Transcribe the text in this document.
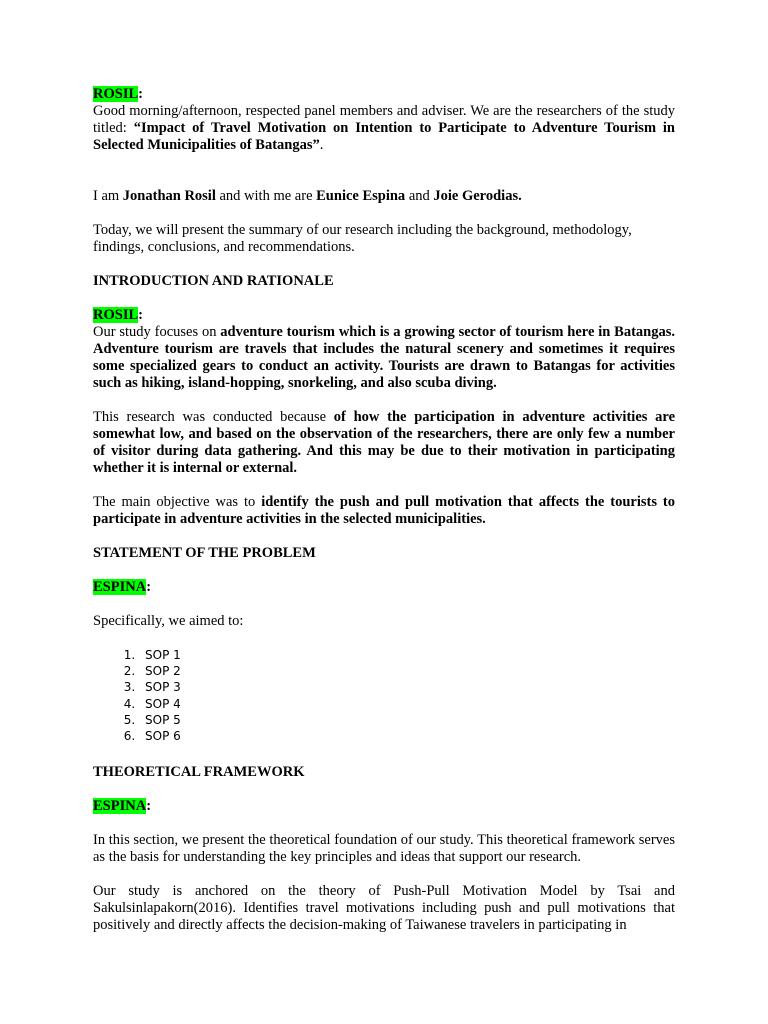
ROSIL:

Good morning/afternoon, respected panel members and adviser. We are the researchers of the study titled: “Impact of Travel Motivation on Intention to Participate to Adventure Tourism in Selected Municipalities of Batangas”.

I am Jonathan Rosil and with me are Eunice Espina and Joie Gerodias.

Today, we will present the summary of our research including the background, methodology, findings, conclusions, and recommendations.

INTRODUCTION AND RATIONALE

ROSIL:

Our study focuses on adventure tourism which is a growing sector of tourism here in Batangas. Adventure tourism are travels that includes the natural scenery and sometimes it requires some specialized gears to conduct an activity. Tourists are drawn to Batangas for activities such as hiking, island-hopping, snorkeling, and also scuba diving.

This research was conducted because of how the participation in adventure activities are somewhat low, and based on the observation of the researchers, there are only few a number of visitor during data gathering. And this may be due to their motivation in participating whether it is internal or external.

The main objective was to identify the push and pull motivation that affects the tourists to participate in adventure activities in the selected municipalities.

STATEMENT OF THE PROBLEM

ESPINA:

Specifically, we aimed to:

1. SOP 1
2. SOP 2
3. SOP 3
4. SOP 4
5. SOP 5
6. SOP 6

THEORETICAL FRAMEWORK

ESPINA:

In this section, we present the theoretical foundation of our study. This theoretical framework serves as the basis for understanding the key principles and ideas that support our research.

Our study is anchored on the theory of Push-Pull Motivation Model by Tsai and Sakulsinlapakorn(2016). Identifies travel motivations including push and pull motivations that positively and directly affects the decision-making of Taiwanese travelers in participating in
